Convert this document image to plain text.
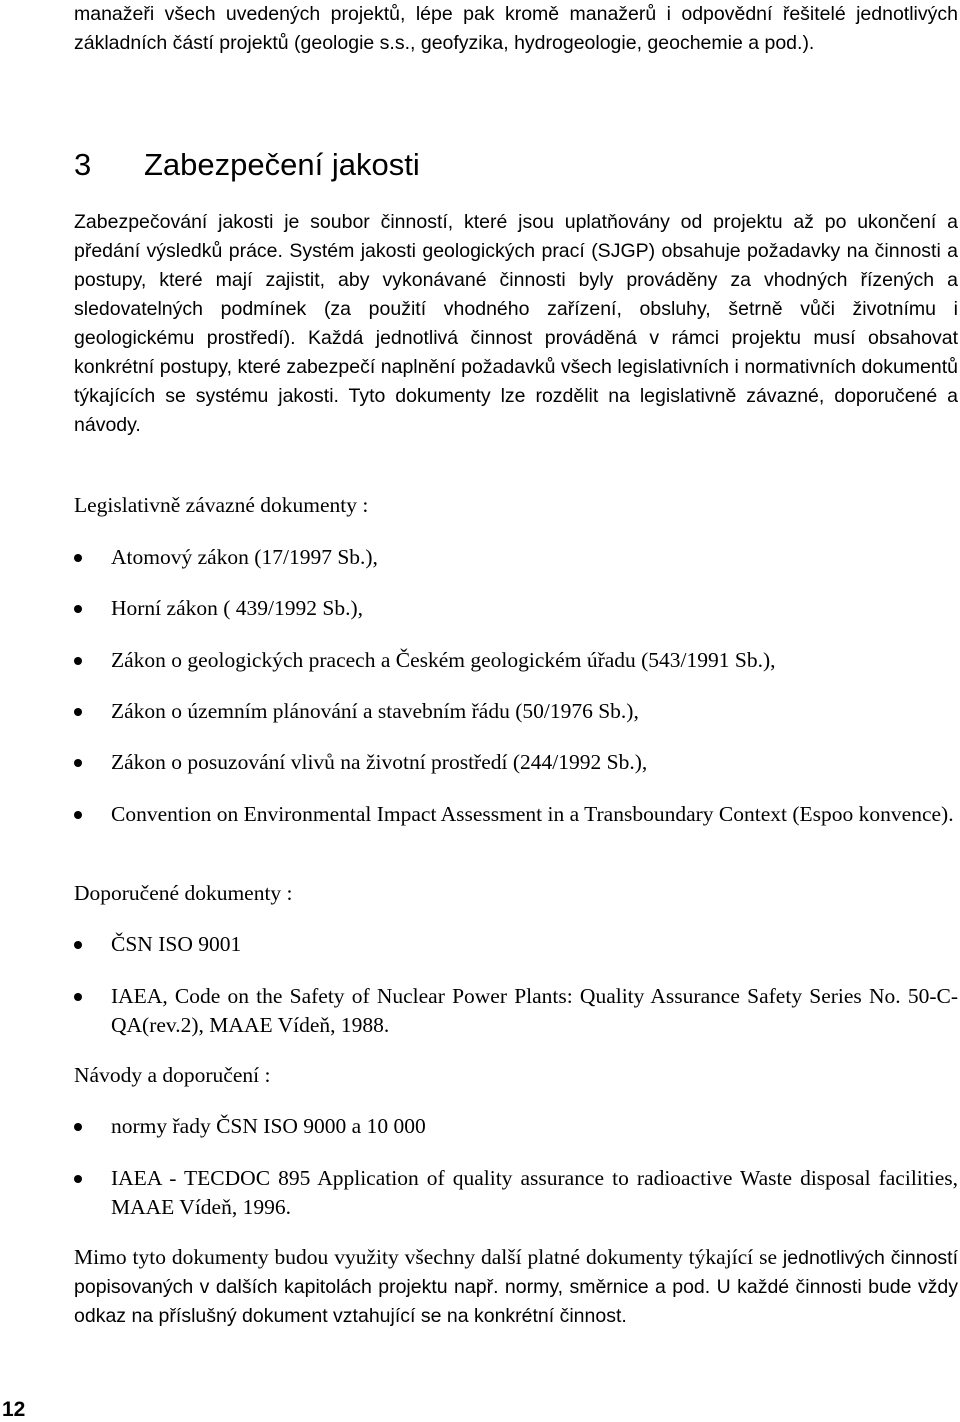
manažeři všech uvedených projektů, lépe pak kromě manažerů i odpovědní řešitelé jednotlivých základních částí projektů (geologie s.s., geofyzika, hydrogeologie, geochemie a pod.).
3 Zabezpečení jakosti
Zabezpečování jakosti je soubor činností, které jsou uplatňovány od projektu až po ukončení a předání výsledků práce. Systém jakosti geologických prací (SJGP) obsahuje požadavky na činnosti a postupy, které mají zajistit, aby vykonávané činnosti byly prováděny za vhodných řízených a sledovatelných podmínek (za použití vhodného zařízení, obsluhy, šetrně vůči životnímu i geologickému prostředí). Každá jednotlivá činnost prováděná v rámci projektu musí obsahovat konkrétní postupy, které zabezpečí naplnění požadavků všech legislativních i normativních dokumentů týkajících se systému jakosti. Tyto dokumenty lze rozdělit na legislativně závazné, doporučené a návody.
Legislativně závazné dokumenty :
Atomový zákon (17/1997 Sb.),
Horní zákon ( 439/1992 Sb.),
Zákon o geologických pracech a Českém geologickém úřadu (543/1991 Sb.),
Zákon o územním plánování a stavebním řádu (50/1976 Sb.),
Zákon o posuzování vlivů na životní prostředí (244/1992 Sb.),
Convention on Environmental Impact Assessment in a Transboundary Context (Espoo konvence).
Doporučené dokumenty :
ČSN ISO 9001
IAEA, Code on the Safety of Nuclear Power Plants: Quality Assurance Safety Series No. 50-C-QA(rev.2), MAAE Vídeň, 1988.
Návody a doporučení :
normy řady ČSN ISO 9000 a 10 000
IAEA - TECDOC 895 Application of quality assurance to radioactive Waste disposal facilities, MAAE Vídeň, 1996.
Mimo tyto dokumenty budou využity všechny další platné dokumenty týkající se jednotlivých činností popisovaných v dalších kapitolách projektu např. normy, směrnice a pod. U každé činnosti bude vždy odkaz na příslušný dokument vztahující se na konkrétní činnost.
12
